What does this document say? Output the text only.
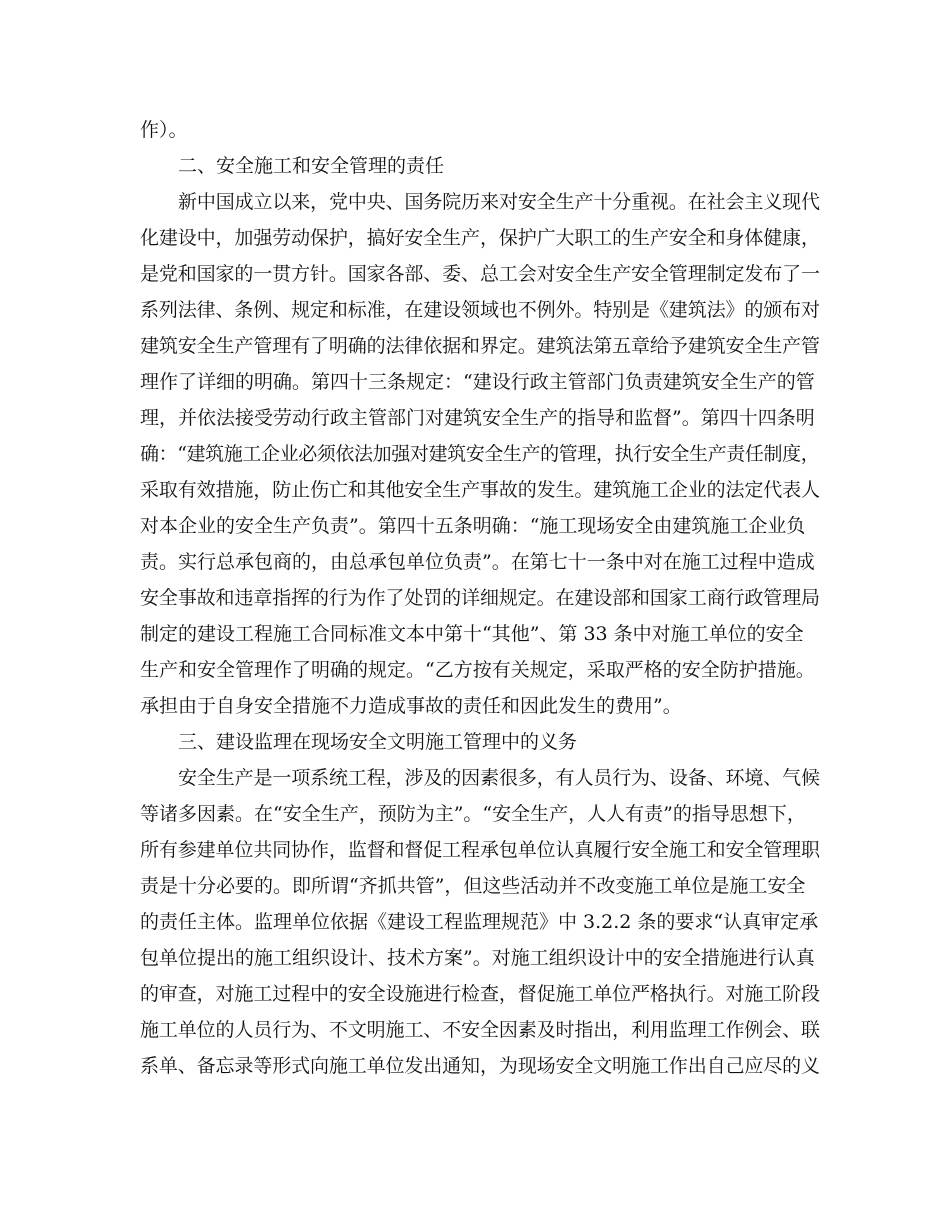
作）。
二、安全施工和安全管理的责任
新中国成立以来，党中央、国务院历来对安全生产十分重视。在社会主义现代
化建设中，加强劳动保护，搞好安全生产，保护广大职工的生产安全和身体健康，
是党和国家的一贯方针。国家各部、委、总工会对安全生产安全管理制定发布了一
系列法律、条例、规定和标准，在建设领域也不例外。特别是《建筑法》的颁布对
建筑安全生产管理有了明确的法律依据和界定。建筑法第五章给予建筑安全生产管
理作了详细的明确。第四十三条规定：“建设行政主管部门负责建筑安全生产的管
理，并依法接受劳动行政主管部门对建筑安全生产的指导和监督”。第四十四条明
确：“建筑施工企业必须依法加强对建筑安全生产的管理，执行安全生产责任制度，
采取有效措施，防止伤亡和其他安全生产事故的发生。建筑施工企业的法定代表人
对本企业的安全生产负责”。第四十五条明确：“施工现场安全由建筑施工企业负
责。实行总承包商的，由总承包单位负责”。在第七十一条中对在施工过程中造成
安全事故和违章指挥的行为作了处罚的详细规定。在建设部和国家工商行政管理局
制定的建设工程施工合同标准文本中第十“其他”、第 33 条中对施工单位的安全
生产和安全管理作了明确的规定。“乙方按有关规定，采取严格的安全防护措施。
承担由于自身安全措施不力造成事故的责任和因此发生的费用”。
三、建设监理在现场安全文明施工管理中的义务
安全生产是一项系统工程，涉及的因素很多，有人员行为、设备、环境、气候
等诸多因素。在“安全生产，预防为主”。“安全生产，人人有责”的指导思想下，
所有参建单位共同协作，监督和督促工程承包单位认真履行安全施工和安全管理职
责是十分必要的。即所谓“齐抓共管”，但这些活动并不改变施工单位是施工安全
的责任主体。监理单位依据《建设工程监理规范》中 3.2.2 条的要求“认真审定承
包单位提出的施工组织设计、技术方案”。对施工组织设计中的安全措施进行认真
的审查，对施工过程中的安全设施进行检查，督促施工单位严格执行。对施工阶段
施工单位的人员行为、不文明施工、不安全因素及时指出，利用监理工作例会、联
系单、备忘录等形式向施工单位发出通知，为现场安全文明施工作出自己应尽的义
